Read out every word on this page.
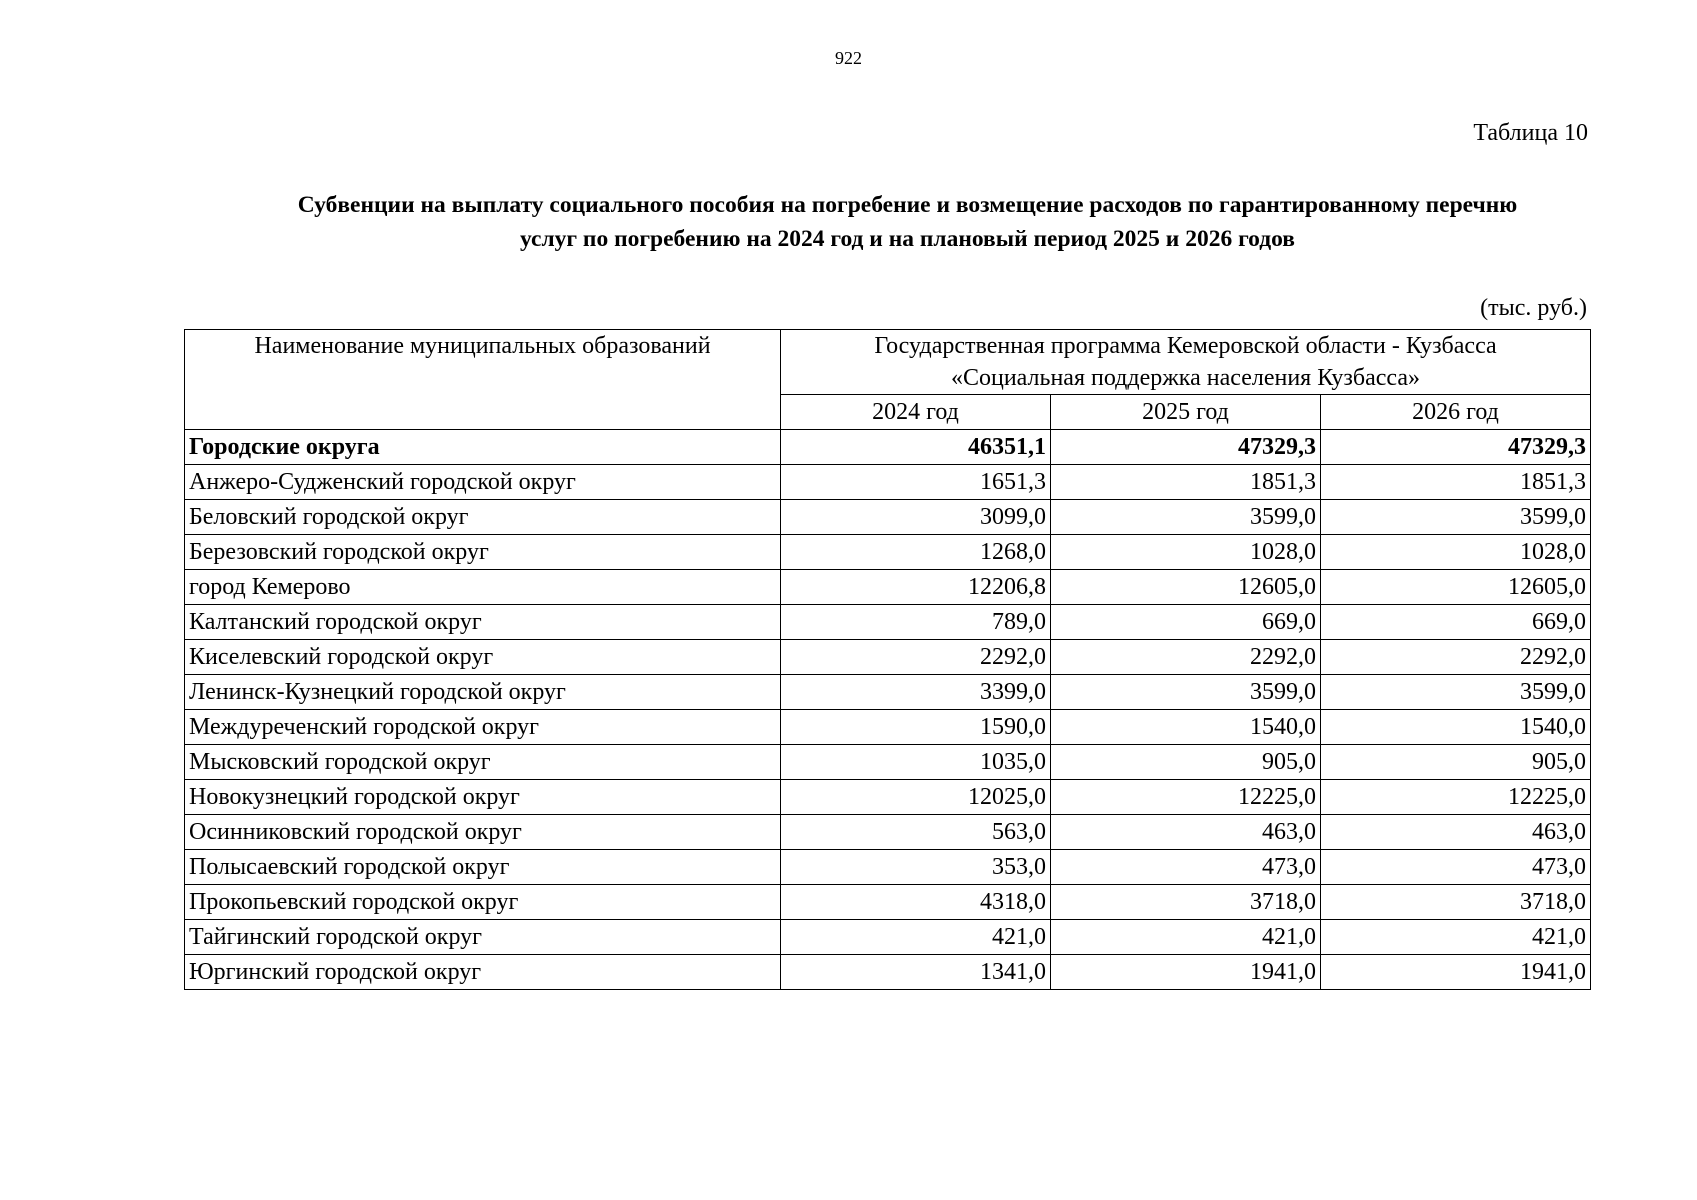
922
Таблица 10
Субвенции на выплату социального пособия на погребение и возмещение расходов по гарантированному перечню
услуг по погребению на 2024 год и на плановый период 2025 и 2026 годов
(тыс. руб.)
Наименование муниципальных образований	Государственная программа Кемеровской области - Кузбасса
«Социальная поддержка населения Кузбасса»		

	2024 год	2025 год	2026 год
Городские округа	46351,1	47329,3	47329,3
Анжеро-Судженский городской округ	1651,3	1851,3	1851,3
Беловский городской округ	3099,0	3599,0	3599,0
Березовский городской округ	1268,0	1028,0	1028,0
город Кемерово	12206,8	12605,0	12605,0
Калтанский городской округ	789,0	669,0	669,0
Киселевский городской округ	2292,0	2292,0	2292,0
Ленинск-Кузнецкий городской округ	3399,0	3599,0	3599,0
Междуреченский городской округ	1590,0	1540,0	1540,0
Мысковский городской округ	1035,0	905,0	905,0
Новокузнецкий городской округ	12025,0	12225,0	12225,0
Осинниковский городской округ	563,0	463,0	463,0
Полысаевский городской округ	353,0	473,0	473,0
Прокопьевский городской округ	4318,0	3718,0	3718,0
Тайгинский городской округ	421,0	421,0	421,0
Юргинский городской округ	1341,0	1941,0	1941,0
